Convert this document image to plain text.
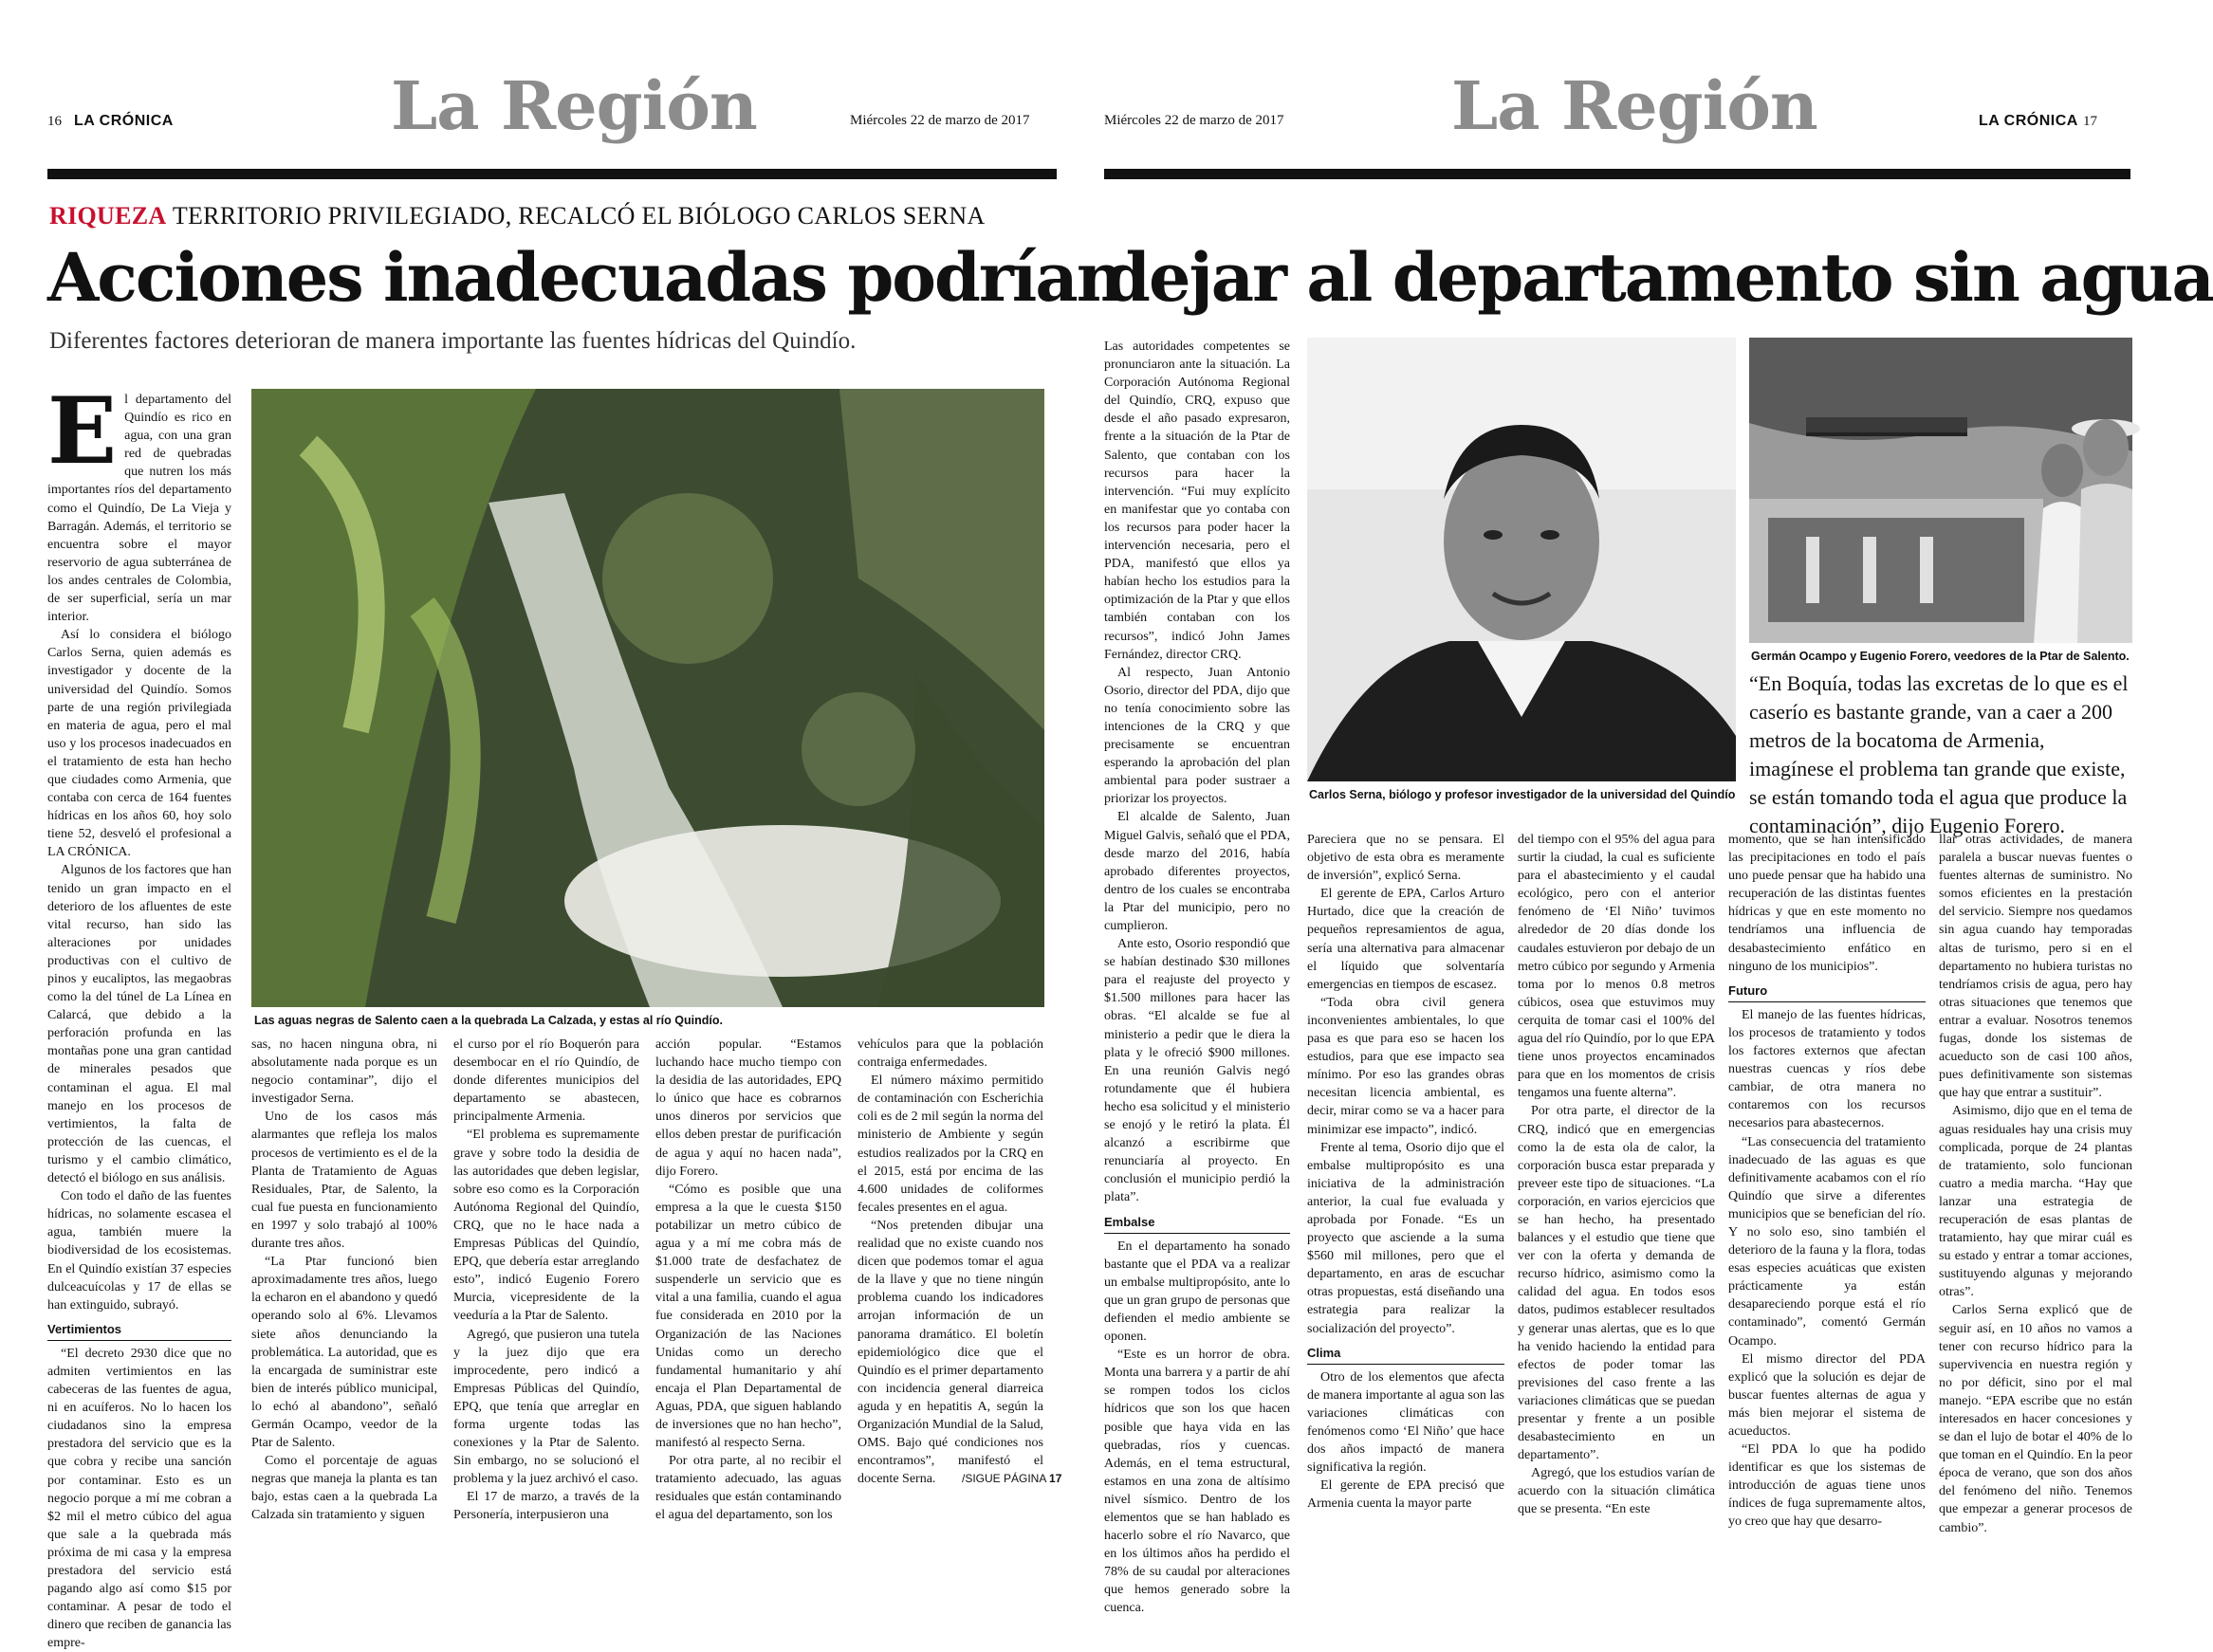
16 LA CRÓNICA	La Región	Miércoles 22 de marzo de 2017
RIQUEZA TERRITORIO PRIVILEGIADO, RECALCÓ EL BIÓLOGO CARLOS SERNA
Acciones inadecuadas podrían
Diferentes factores deterioran de manera importante las fuentes hídricas del Quindío.

El departamento del Quindío es rico en agua, con una gran red de quebradas que nutren los más importantes ríos del departamento como el Quindío, De La Vieja y Barragán. Además, el territorio se encuentra sobre el mayor reservorio de agua subterránea de los andes centrales de Colombia, de ser superficial, sería un mar interior.

Así lo considera el biólogo Carlos Serna, quien además es investigador y docente de la universidad del Quindío. Somos parte de una región privilegiada en materia de agua, pero el mal uso y los procesos inadecuados en el tratamiento de esta han hecho que ciudades como Armenia, que contaba con cerca de 164 fuentes hídricas en los años 60, hoy solo tiene 52, desveló el profesional a LA CRÓNICA.

Algunos de los factores que han tenido un gran impacto en el deterioro de los afluentes de este vital recurso, han sido las alteraciones por unidades productivas con el cultivo de pinos y eucaliptos, las megaobras como la del túnel de La Línea en Calarcá, que debido a la perforación profunda en las montañas pone una gran cantidad de minerales pesados que contaminan el agua. El mal manejo en los procesos de vertimientos, la falta de protección de las cuencas, el turismo y el cambio climático, detectó el biólogo en sus análisis.

Con todo el daño de las fuentes hídricas, no solamente escasea el agua, también muere la biodiversidad de los ecosistemas. En el Quindío existían 37 especies dulceacuícolas y 17 de ellas se han extinguido, subrayó.

Vertimientos

“El decreto 2930 dice que no admiten vertimientos en las cabeceras de las fuentes de agua, ni en acuíferos. No lo hacen los ciudadanos sino la empresa prestadora del servicio que es la que cobra y recibe una sanción por contaminar. Esto es un negocio porque a mí me cobran a $2 mil el metro cúbico del agua que sale a la quebrada más próxima de mi casa y la empresa prestadora del servicio está pagando algo así como $15 por contaminar. A pesar de todo el dinero que reciben de ganancia las empre-

Las aguas negras de Salento caen a la quebrada La Calzada, y estas al río Quindío.

sas, no hacen ninguna obra, ni absolutamente nada porque es un negocio contaminar”, dijo el investigador Serna.

Uno de los casos más alarmantes que refleja los malos procesos de vertimiento es el de la Planta de Tratamiento de Aguas Residuales, Ptar, de Salento, la cual fue puesta en funcionamiento en 1997 y solo trabajó al 100% durante tres años.

“La Ptar funcionó bien aproximadamente tres años, luego la echaron en el abandono y quedó operando solo al 6%. Llevamos siete años denunciando la problemática. La autoridad, que es la encargada de suministrar este bien de interés público municipal, lo echó al abandono”, señaló Germán Ocampo, veedor de la Ptar de Salento.

Como el porcentaje de aguas negras que maneja la planta es tan bajo, estas caen a la quebrada La Calzada sin tratamiento y siguen

el curso por el río Boquerón para desembocar en el río Quindío, de donde diferentes municipios del departamento se abastecen, principalmente Armenia.

“El problema es supremamente grave y sobre todo la desidia de las autoridades que deben legislar, sobre eso como es la Corporación Autónoma Regional del Quindío, CRQ, que no le hace nada a Empresas Públicas del Quindío, EPQ, que debería estar arreglando esto”, indicó Eugenio Forero Murcia, vicepresidente de la veeduría a la Ptar de Salento.

Agregó, que pusieron una tutela y la juez dijo que era improcedente, pero indicó a Empresas Públicas del Quindío, EPQ, que tenía que arreglar en forma urgente todas las conexiones y la Ptar de Salento. Sin embargo, no se solucionó el problema y la juez archivó el caso.

El 17 de marzo, a través de la Personería, interpusieron una

acción popular. “Estamos luchando hace mucho tiempo con la desidia de las autoridades, EPQ lo único que hace es cobrarnos unos dineros por servicios que ellos deben prestar de purificación de agua y aquí no hacen nada”, dijo Forero.

“Cómo es posible que una empresa a la que le cuesta $150 potabilizar un metro cúbico de agua y a mí me cobra más de $1.000 trate de desfachatez de suspenderle un servicio que es vital a una familia, cuando el agua fue considerada en 2010 por la Organización de las Naciones Unidas como un derecho fundamental humanitario y ahí encaja el Plan Departamental de Aguas, PDA, que siguen hablando de inversiones que no han hecho”, manifestó al respecto Serna.

Por otra parte, al no recibir el tratamiento adecuado, las aguas residuales que están contaminando el agua del departamento, son los

vehículos para que la población contraiga enfermedades.

El número máximo permitido de contaminación con Escherichia coli es de 2 mil según la norma del ministerio de Ambiente y según estudios realizados por la CRQ en el 2015, está por encima de las 4.600 unidades de coliformes fecales presentes en el agua.

“Nos pretenden dibujar una realidad que no existe cuando nos dicen que podemos tomar el agua de la llave y que no tiene ningún problema cuando los indicadores arrojan información de un panorama dramático. El boletín epidemiológico dice que el Quindío es el primer departamento con incidencia general diarreica aguda y en hepatitis A, según la Organización Mundial de la Salud, OMS. Bajo qué condiciones nos encontramos”, manifestó el docente Serna.	/SIGUE PÁGINA 17
Miércoles 22 de marzo de 2017	La Región	LA CRÓNICA 17
dejar al departamento sin agua

Las autoridades competentes se pronunciaron ante la situación. La Corporación Autónoma Regional del Quindío, CRQ, expuso que desde el año pasado expresaron, frente a la situación de la Ptar de Salento, que contaban con los recursos para hacer la intervención. “Fui muy explícito en manifestar que yo contaba con los recursos para poder hacer la intervención necesaria, pero el PDA, manifestó que ellos ya habían hecho los estudios para la optimización de la Ptar y que ellos también contaban con los recursos”, indicó John James Fernández, director CRQ.

Al respecto, Juan Antonio Osorio, director del PDA, dijo que no tenía conocimiento sobre las intenciones de la CRQ y que precisamente se encuentran esperando la aprobación del plan ambiental para poder sustraer a priorizar los proyectos.

El alcalde de Salento, Juan Miguel Galvis, señaló que el PDA, desde marzo del 2016, había aprobado diferentes proyectos, dentro de los cuales se encontraba la Ptar del municipio, pero no cumplieron.

Ante esto, Osorio respondió que se habían destinado $30 millones para el reajuste del proyecto y $1.500 millones para hacer las obras. “El alcalde se fue al ministerio a pedir que le diera la plata y le ofreció $900 millones. En una reunión Galvis negó rotundamente que él hubiera hecho esa solicitud y el ministerio se enojó y le retiró la plata. Él alcanzó a escribirme que renunciaría al proyecto. En conclusión el municipio perdió la plata”.

Embalse

En el departamento ha sonado bastante que el PDA va a realizar un embalse multipropósito, ante lo que un gran grupo de personas que defienden el medio ambiente se oponen.

“Este es un horror de obra. Monta una barrera y a partir de ahí se rompen todos los ciclos hídricos que son los que hacen posible que haya vida en las quebradas, ríos y cuencas. Además, en el tema estructural, estamos en una zona de altísimo nivel sísmico. Dentro de los elementos que se han hablado es hacerlo sobre el río Navarco, que en los últimos años ha perdido el 78% de su caudal por alteraciones que hemos generado sobre la cuenca.

Carlos Serna, biólogo y profesor investigador de la universidad del Quindío
Germán Ocampo y Eugenio Forero, veedores de la Ptar de Salento.
“En Boquía, todas las excretas de lo que es el caserío es bastante grande, van a caer a 200 metros de la bocatoma de Armenia, imagínese el problema tan grande que existe, se están tomando toda el agua que produce la contaminación”, dijo Eugenio Forero.

Pareciera que no se pensara. El objetivo de esta obra es meramente de inversión”, explicó Serna.

El gerente de EPA, Carlos Arturo Hurtado, dice que la creación de pequeños represamientos de agua, sería una alternativa para almacenar el líquido que solventaría emergencias en tiempos de escasez.

“Toda obra civil genera inconvenientes ambientales, lo que pasa es que para eso se hacen los estudios, para que ese impacto sea mínimo. Por eso las grandes obras necesitan licencia ambiental, es decir, mirar como se va a hacer para minimizar ese impacto”, indicó.

Frente al tema, Osorio dijo que el embalse multipropósito es una iniciativa de la administración anterior, la cual fue evaluada y aprobada por Fonade. “Es un proyecto que asciende a la suma $560 mil millones, pero que el departamento, en aras de escuchar otras propuestas, está diseñando una estrategia para realizar la socialización del proyecto”.

Clima

Otro de los elementos que afecta de manera importante al agua son las variaciones climáticas con fenómenos como ‘El Niño’ que hace dos años impactó de manera significativa la región.

El gerente de EPA precisó que Armenia cuenta la mayor parte

del tiempo con el 95% del agua para surtir la ciudad, la cual es suficiente para el abastecimiento y el caudal ecológico, pero con el anterior fenómeno de ‘El Niño’ tuvimos alrededor de 20 días donde los caudales estuvieron por debajo de un metro cúbico por segundo y Armenia toma por lo menos 0.8 metros cúbicos, osea que estuvimos muy cerquita de tomar casi el 100% del agua del río Quindío, por lo que EPA tiene unos proyectos encaminados para que en los momentos de crisis tengamos una fuente alterna”.

Por otra parte, el director de la CRQ, indicó que en emergencias como la de esta ola de calor, la corporación busca estar preparada y preveer este tipo de situaciones. “La corporación, en varios ejercicios que se han hecho, ha presentado balances y el estudio que tiene que ver con la oferta y demanda de recurso hídrico, asimismo como la calidad del agua. En todos esos datos, pudimos establecer resultados y generar unas alertas, que es lo que ha venido haciendo la entidad para efectos de poder tomar las previsiones del caso frente a las variaciones climáticas que se puedan presentar y frente a un posible desabastecimiento en un departamento”.

Agregó, que los estudios varían de acuerdo con la situación climática que se presenta. “En este

momento, que se han intensificado las precipitaciones en todo el país uno puede pensar que ha habido una recuperación de las distintas fuentes hídricas y que en este momento no tendríamos una influencia de desabastecimiento enfático en ninguno de los municipios”.

Futuro

El manejo de las fuentes hídricas, los procesos de tratamiento y todos los factores externos que afectan nuestras cuencas y ríos debe cambiar, de otra manera no contaremos con los recursos necesarios para abastecernos.

“Las consecuencia del tratamiento inadecuado de las aguas es que definitivamente acabamos con el río Quindío que sirve a diferentes municipios que se benefician del río. Y no solo eso, sino también el deterioro de la fauna y la flora, todas esas especies acuáticas que existen prácticamente ya están desapareciendo porque está el río contaminado”, comentó Germán Ocampo.

El mismo director del PDA explicó que la solución es dejar de buscar fuentes alternas de agua y más bien mejorar el sistema de acueductos.

“El PDA lo que ha podido identificar es que los sistemas de introducción de aguas tiene unos índices de fuga supremamente altos, yo creo que hay que desarro-

llar otras actividades, de manera paralela a buscar nuevas fuentes o fuentes alternas de suministro. No somos eficientes en la prestación del servicio. Siempre nos quedamos sin agua cuando hay temporadas altas de turismo, pero si en el departamento no hubiera turistas no tendríamos crisis de agua, pero hay otras situaciones que tenemos que entrar a evaluar. Nosotros tenemos fugas, donde los sistemas de acueducto son de casi 100 años, pues definitivamente son sistemas que hay que entrar a sustituir”.

Asimismo, dijo que en el tema de aguas residuales hay una crisis muy complicada, porque de 24 plantas de tratamiento, solo funcionan cuatro a media marcha. “Hay que lanzar una estrategia de recuperación de esas plantas de tratamiento, hay que mirar cuál es su estado y entrar a tomar acciones, sustituyendo algunas y mejorando otras”.

Carlos Serna explicó que de seguir así, en 10 años no vamos a tener con recurso hídrico para la supervivencia en nuestra región y no por déficit, sino por el mal manejo. “EPA escribe que no están interesados en hacer concesiones y se dan el lujo de botar el 40% de lo que toman en el Quindío. En la peor época de verano, que son dos años del fenómeno del niño. Tenemos que empezar a generar procesos de cambio”.
